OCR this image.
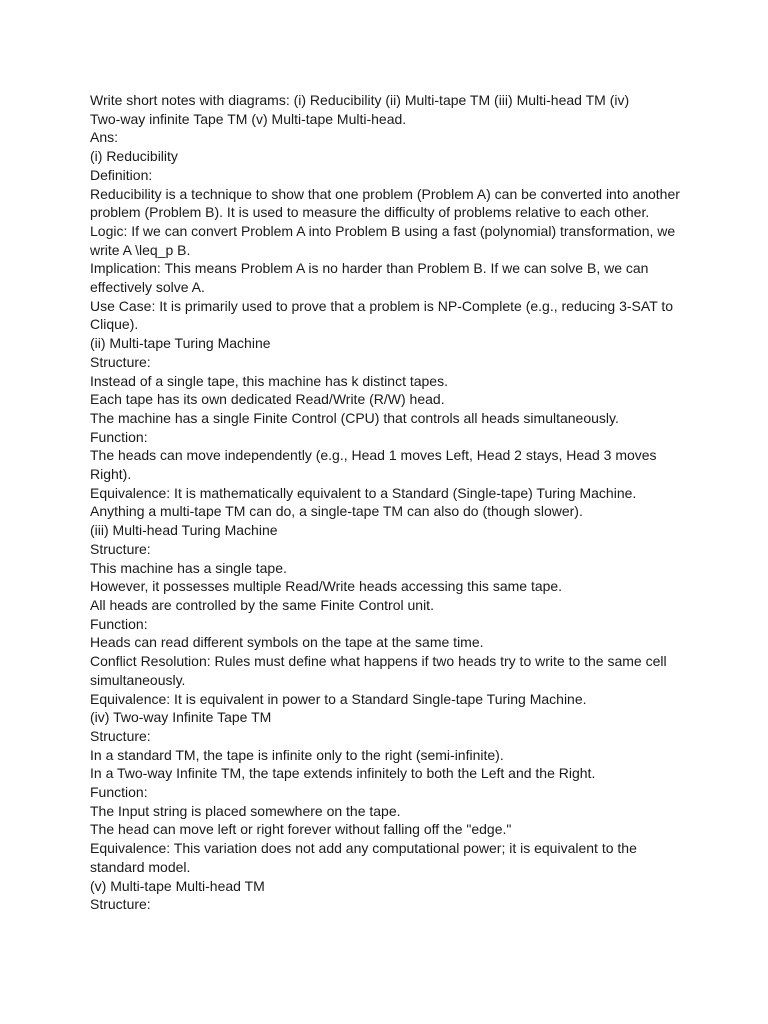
Write short notes with diagrams: (i) Reducibility (ii) Multi-tape TM (iii) Multi-head TM (iv)

Two-way infinite Tape TM (v) Multi-tape Multi-head.

Ans:

(i) Reducibility

Definition:

Reducibility is a technique to show that one problem (Problem A) can be converted into another

problem (Problem B). It is used to measure the difficulty of problems relative to each other.

Logic: If we can convert Problem A into Problem B using a fast (polynomial) transformation, we

write A \leq_p B.

Implication: This means Problem A is no harder than Problem B. If we can solve B, we can

effectively solve A.

Use Case: It is primarily used to prove that a problem is NP-Complete (e.g., reducing 3-SAT to

Clique).

(ii) Multi-tape Turing Machine

Structure:

Instead of a single tape, this machine has k distinct tapes.

Each tape has its own dedicated Read/Write (R/W) head.

The machine has a single Finite Control (CPU) that controls all heads simultaneously.

Function:

The heads can move independently (e.g., Head 1 moves Left, Head 2 stays, Head 3 moves

Right).

Equivalence: It is mathematically equivalent to a Standard (Single-tape) Turing Machine.

Anything a multi-tape TM can do, a single-tape TM can also do (though slower).

(iii) Multi-head Turing Machine

Structure:

This machine has a single tape.

However, it possesses multiple Read/Write heads accessing this same tape.

All heads are controlled by the same Finite Control unit.

Function:

Heads can read different symbols on the tape at the same time.

Conflict Resolution: Rules must define what happens if two heads try to write to the same cell

simultaneously.

Equivalence: It is equivalent in power to a Standard Single-tape Turing Machine.

(iv) Two-way Infinite Tape TM

Structure:

In a standard TM, the tape is infinite only to the right (semi-infinite).

In a Two-way Infinite TM, the tape extends infinitely to both the Left and the Right.

Function:

The Input string is placed somewhere on the tape.

The head can move left or right forever without falling off the "edge."

Equivalence: This variation does not add any computational power; it is equivalent to the

standard model.

(v) Multi-tape Multi-head TM

Structure:
